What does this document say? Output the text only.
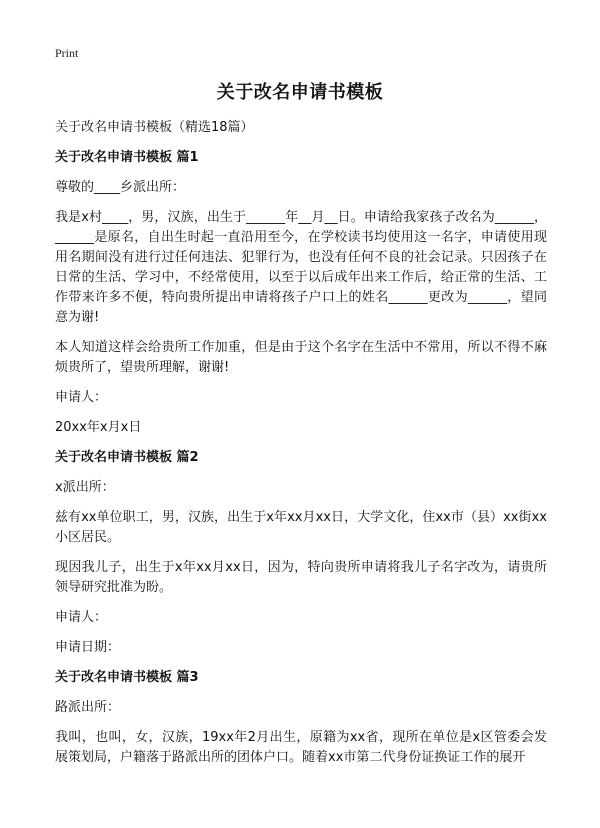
Print
关于改名申请书模板

关于改名申请书模板（精选18篇）

关于改名申请书模板 篇1

尊敬的____乡派出所：

我是x村____，男，汉族，出生于______年__月__日。申请给我家孩子改名为______，______是原名，自出生时起一直沿用至今，在学校读书均使用这一名字，申请使用现用名期间没有进行过任何违法、犯罪行为，也没有任何不良的社会记录。只因孩子在日常的生活、学习中，不经常使用，以至于以后成年出来工作后，给正常的生活、工作带来许多不便，特向贵所提出申请将孩子户口上的姓名______更改为______，望同意为谢!

本人知道这样会给贵所工作加重，但是由于这个名字在生活中不常用，所以不得不麻烦贵所了，望贵所理解，谢谢!

申请人：

20xx年x月x日

关于改名申请书模板 篇2

x派出所：

兹有xx单位职工，男，汉族，出生于x年xx月xx日，大学文化，住xx市（县）xx街xx小区居民。

现因我儿子，出生于x年xx月xx日，因为，特向贵所申请将我儿子名字改为，请贵所领导研究批准为盼。

申请人：

申请日期：

关于改名申请书模板 篇3

路派出所：

我叫，也叫，女，汉族，19xx年2月出生，原籍为xx省，现所在单位是x区管委会发展策划局，户籍落于路派出所的团体户口。随着xx市第二代身份证换证工作的展开
